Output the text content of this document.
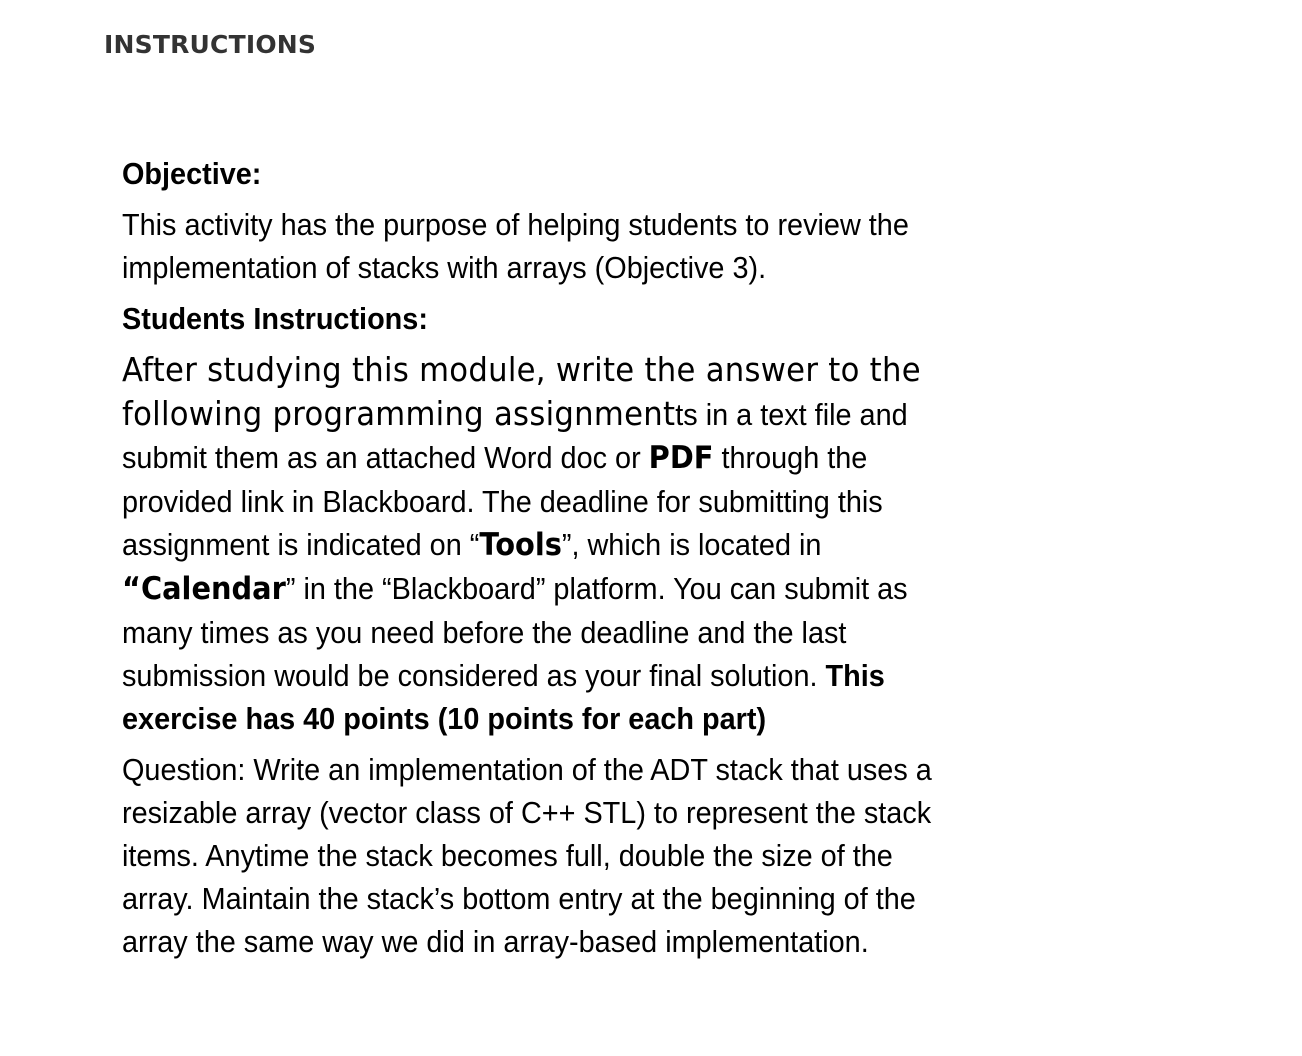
INSTRUCTIONS

Objective:

This activity has the purpose of helping students to review the implementation of stacks with arrays (Objective 3).

Students Instructions:

After studying this module, write the answer to the following programming assignmentts in a text file and submit them as an attached Word doc or PDF through the provided link in Blackboard. The deadline for submitting this assignment is indicated on “Tools”, which is located in “Calendar” in the “Blackboard” platform. You can submit as many times as you need before the deadline and the last submission would be considered as your final solution. This exercise has 40 points (10 points for each part)

Question: Write an implementation of the ADT stack that uses a resizable array (vector class of C++ STL) to represent the stack items. Anytime the stack becomes full, double the size of the array. Maintain the stack’s bottom entry at the beginning of the array the same way we did in array-based implementation.
